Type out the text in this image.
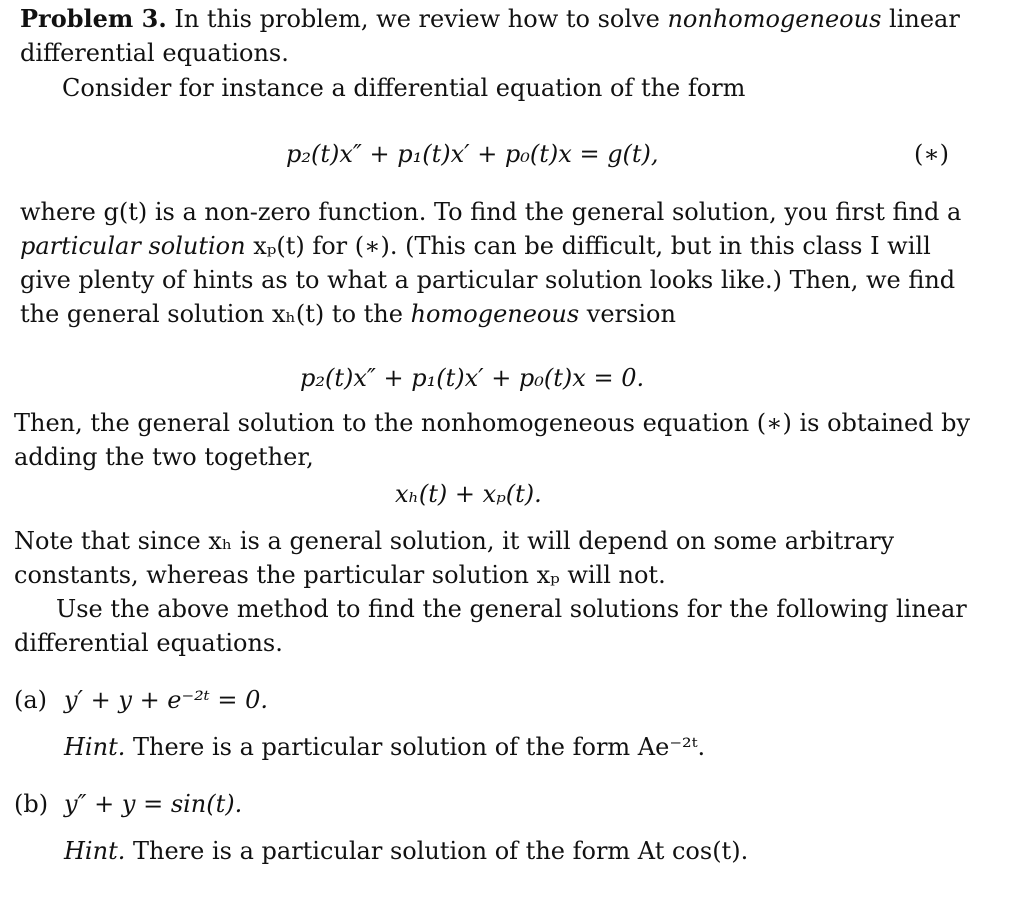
Problem 3. In this problem, we review how to solve nonhomogeneous linear
differential equations.
Consider for instance a differential equation of the form
p₂(t)x″ + p₁(t)x′ + p₀(t)x = g(t),	(∗)
where g(t) is a non-zero function. To find the general solution, you first find a
particular solution xₚ(t) for (∗). (This can be difficult, but in this class I will
give plenty of hints as to what a particular solution looks like.) Then, we find
the general solution xₕ(t) to the homogeneous version
p₂(t)x″ + p₁(t)x′ + p₀(t)x = 0.
Then, the general solution to the nonhomogeneous equation (∗) is obtained by
adding the two together,
xₕ(t) + xₚ(t).
Note that since xₕ is a general solution, it will depend on some arbitrary
constants, whereas the particular solution xₚ will not.
Use the above method to find the general solutions for the following linear
differential equations.
(a) y′ + y + e⁻²ᵗ = 0.
Hint. There is a particular solution of the form Ae⁻²ᵗ.
(b) y″ + y = sin(t).
Hint. There is a particular solution of the form At cos(t).
